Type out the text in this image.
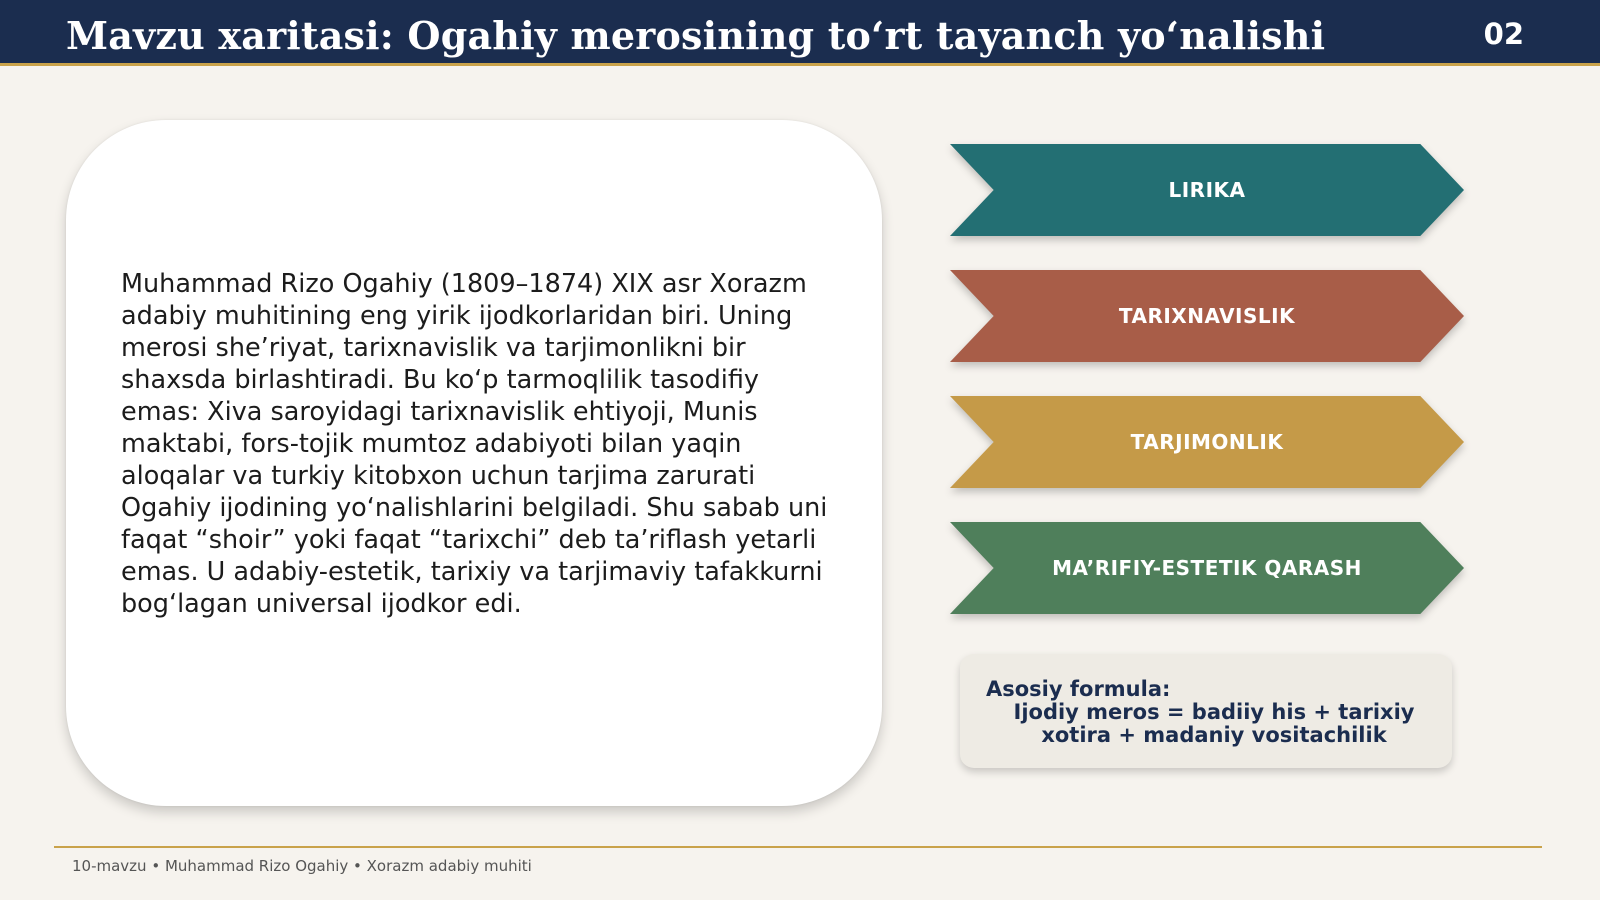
Mavzu xaritasi: Ogahiy merosining to‘rt tayanch yo‘nalishi	02
Muhammad Rizo Ogahiy (1809–1874) XIX asr Xorazm adabiy muhitining eng yirik ijodkorlaridan biri. Uning merosi she’riyat, tarixnavislik va tarjimonlikni bir shaxsda birlashtiradi. Bu ko‘p tarmoqlilik tasodifiy emas: Xiva saroyidagi tarixnavislik ehtiyoji, Munis maktabi, fors-tojik mumtoz adabiyoti bilan yaqin aloqalar va turkiy kitobxon uchun tarjima zarurati Ogahiy ijodining yo‘nalishlarini belgiladi. Shu sabab uni faqat “shoir” yoki faqat “tarixchi” deb ta’riflash yetarli emas. U adabiy-estetik, tarixiy va tarjimaviy tafakkurni bog‘lagan universal ijodkor edi.
LIRIKA
TARIXNAVISLIK
TARJIMONLIK
MA’RIFIY-ESTETIK QARASH
Asosiy formula:
Ijodiy meros = badiiy his + tarixiy xotira + madaniy vositachilik
10-mavzu • Muhammad Rizo Ogahiy • Xorazm adabiy muhiti
